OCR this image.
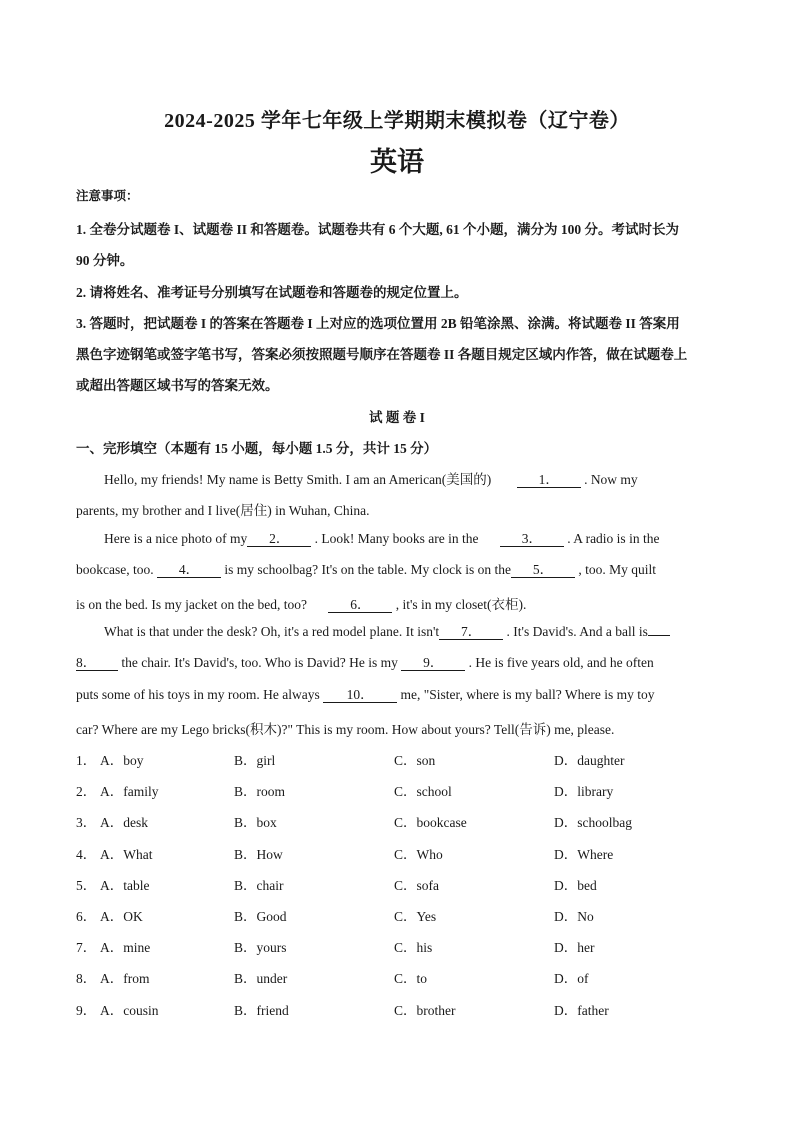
2024-2025 学年七年级上学期期末模拟卷（辽宁卷）
英语
注意事项：
1. 全卷分试题卷 I、试题卷 II 和答题卷。试题卷共有 6 个大题, 61 个小题，满分为 100 分。考试时长为
90 分钟。
2. 请将姓名、准考证号分别填写在试题卷和答题卷的规定位置上。
3. 答题时，把试题卷 I 的答案在答题卷 I 上对应的选项位置用 2B 铅笔涂黑、涂满。将试题卷 II 答案用
黑色字迹钢笔或签字笔书写，答案必须按照题号顺序在答题卷 II 各题目规定区域内作答，做在试题卷上
或超出答题区域书写的答案无效。
试 题 卷 I
一、完形填空（本题有 15 小题，每小题 1.5 分，共计 15 分）
Hello, my friends! My name is Betty Smith. I am an American(美国的)	1． . Now my
parents, my brother and I live(居住) in Wuhan, China.
Here is a nice photo of my 2． . Look! Many books are in the	3． . A radio is in the
bookcase, too. 4． is my schoolbag? It's on the table. My clock is on the 5． , too. My quilt
is on the bed. Is my jacket on the bed, too?	6． , it's in my closet(衣柜).
What is that under the desk? Oh, it's a red model plane. It isn't 7． . It's David's. And a ball is
8． the chair. It's David's, too. Who is David? He is my 9． . He is five years old, and he often
puts some of his toys in my room. He always 10． me, "Sister, where is my ball? Where is my toy
car? Where are my Lego bricks(积木)?" This is my room. How about yours? Tell(告诉) me, please.
1． A．boy	B．girl	C．son	D．daughter
2． A．family	B．room	C．school	D．library
3． A．desk	B．box	C．bookcase	D．schoolbag
4． A．What	B．How	C．Who	D．Where
5． A．table	B．chair	C．sofa	D．bed
6． A．OK	B．Good	C．Yes	D．No
7． A．mine	B．yours	C．his	D．her
8． A．from	B．under	C．to	D．of
9． A．cousin	B．friend	C．brother	D．father
